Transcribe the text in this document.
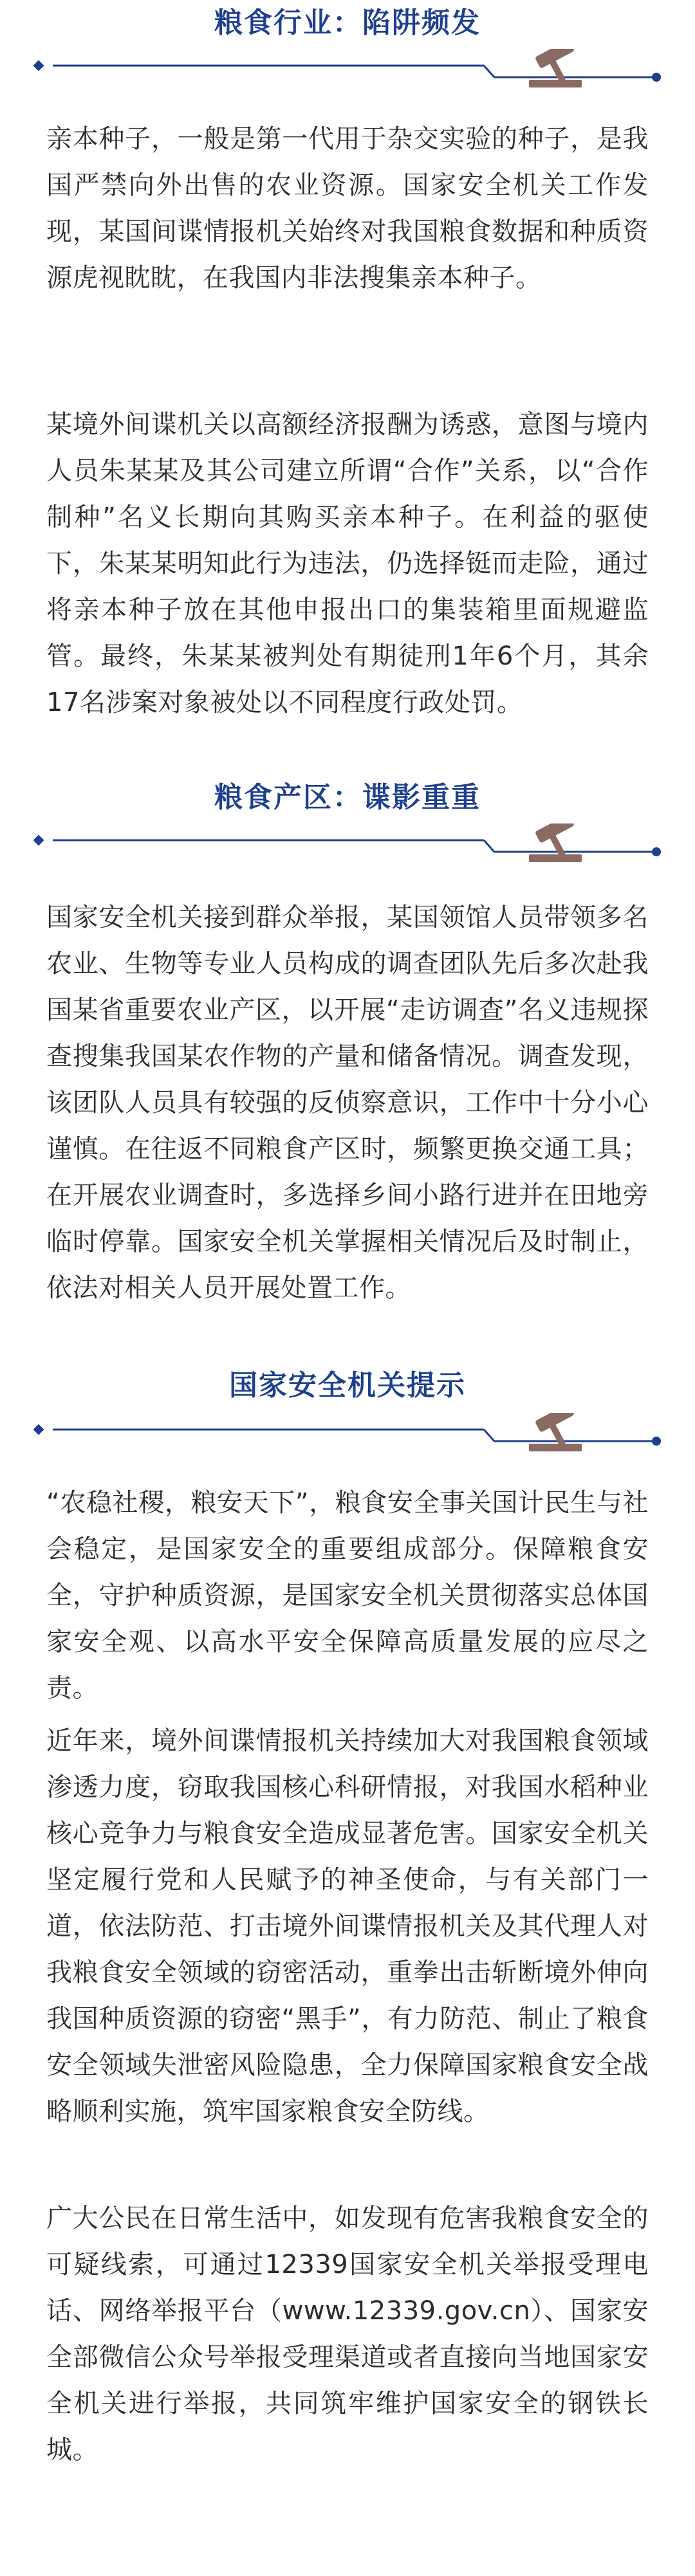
粮食行业：陷阱频发

亲本种子，一般是第一代用于杂交实验的种子，是我国严禁向外出售的农业资源。国家安全机关工作发现，某国间谍情报机关始终对我国粮食数据和种质资源虎视眈眈，在我国内非法搜集亲本种子。

某境外间谍机关以高额经济报酬为诱惑，意图与境内人员朱某某及其公司建立所谓“合作”关系，以“合作制种”名义长期向其购买亲本种子。在利益的驱使下，朱某某明知此行为违法，仍选择铤而走险，通过将亲本种子放在其他申报出口的集装箱里面规避监管。最终，朱某某被判处有期徒刑1年6个月，其余17名涉案对象被处以不同程度行政处罚。

粮食产区：谍影重重

国家安全机关接到群众举报，某国领馆人员带领多名农业、生物等专业人员构成的调查团队先后多次赴我国某省重要农业产区，以开展“走访调查”名义违规探查搜集我国某农作物的产量和储备情况。调查发现，该团队人员具有较强的反侦察意识，工作中十分小心谨慎。在往返不同粮食产区时，频繁更换交通工具；在开展农业调查时，多选择乡间小路行进并在田地旁临时停靠。国家安全机关掌握相关情况后及时制止，依法对相关人员开展处置工作。

国家安全机关提示

“农稳社稷，粮安天下”，粮食安全事关国计民生与社会稳定，是国家安全的重要组成部分。保障粮食安全，守护种质资源，是国家安全机关贯彻落实总体国家安全观、以高水平安全保障高质量发展的应尽之责。

近年来，境外间谍情报机关持续加大对我国粮食领域渗透力度，窃取我国核心科研情报，对我国水稻种业核心竞争力与粮食安全造成显著危害。国家安全机关坚定履行党和人民赋予的神圣使命，与有关部门一道，依法防范、打击境外间谍情报机关及其代理人对我粮食安全领域的窃密活动，重拳出击斩断境外伸向我国种质资源的窃密“黑手”，有力防范、制止了粮食安全领域失泄密风险隐患，全力保障国家粮食安全战略顺利实施，筑牢国家粮食安全防线。

广大公民在日常生活中，如发现有危害我粮食安全的可疑线索，可通过12339国家安全机关举报受理电话、网络举报平台（www.12339.gov.cn）、国家安全部微信公众号举报受理渠道或者直接向当地国家安全机关进行举报，共同筑牢维护国家安全的钢铁长城。
